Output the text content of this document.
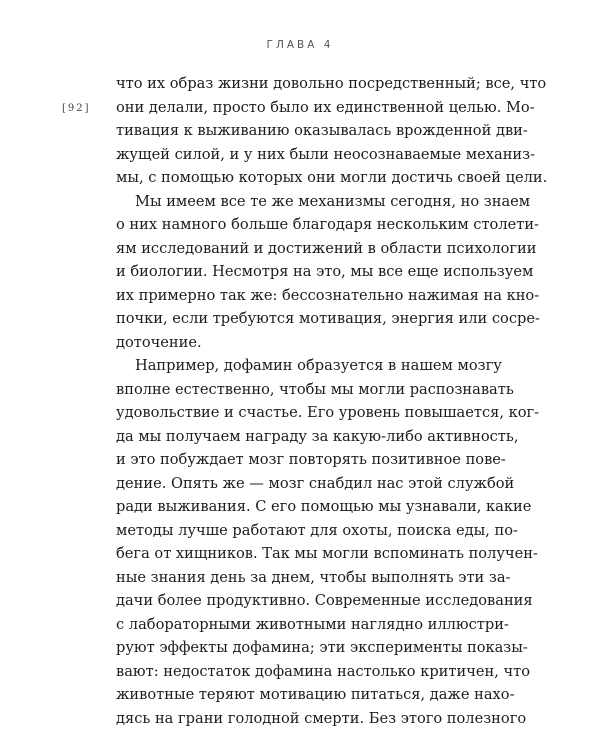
ГЛАВА 4
[92]
что их образ жизни довольно посредственный; все, что
они делали, просто было их единственной целью. Мо-
тивация к выживанию оказывалась врожденной дви-
жущей силой, и у них были неосознаваемые механиз-
мы, с помощью которых они могли достичь своей цели.
Мы имеем все те же механизмы сегодня, но знаем
о них намного больше благодаря нескольким столети-
ям исследований и достижений в области психологии
и биологии. Несмотря на это, мы все еще используем
их примерно так же: бессознательно нажимая на кно-
почки, если требуются мотивация, энергия или сосре-
доточение.
Например, дофамин образуется в нашем мозгу
вполне естественно, чтобы мы могли распознавать
удовольствие и счастье. Его уровень повышается, ког-
да мы получаем награду за какую-либо активность,
и это побуждает мозг повторять позитивное пове-
дение. Опять же — мозг снабдил нас этой службой
ради выживания. С его помощью мы узнавали, какие
методы лучше работают для охоты, поиска еды, по-
бега от хищников. Так мы могли вспоминать получен-
ные знания день за днем, чтобы выполнять эти за-
дачи более продуктивно. Современные исследования
с лабораторными животными наглядно иллюстри-
руют эффекты дофамина; эти эксперименты показы-
вают: недостаток дофамина настолько критичен, что
животные теряют мотивацию питаться, даже нахо-
дясь на грани голодной смерти. Без этого полезного
